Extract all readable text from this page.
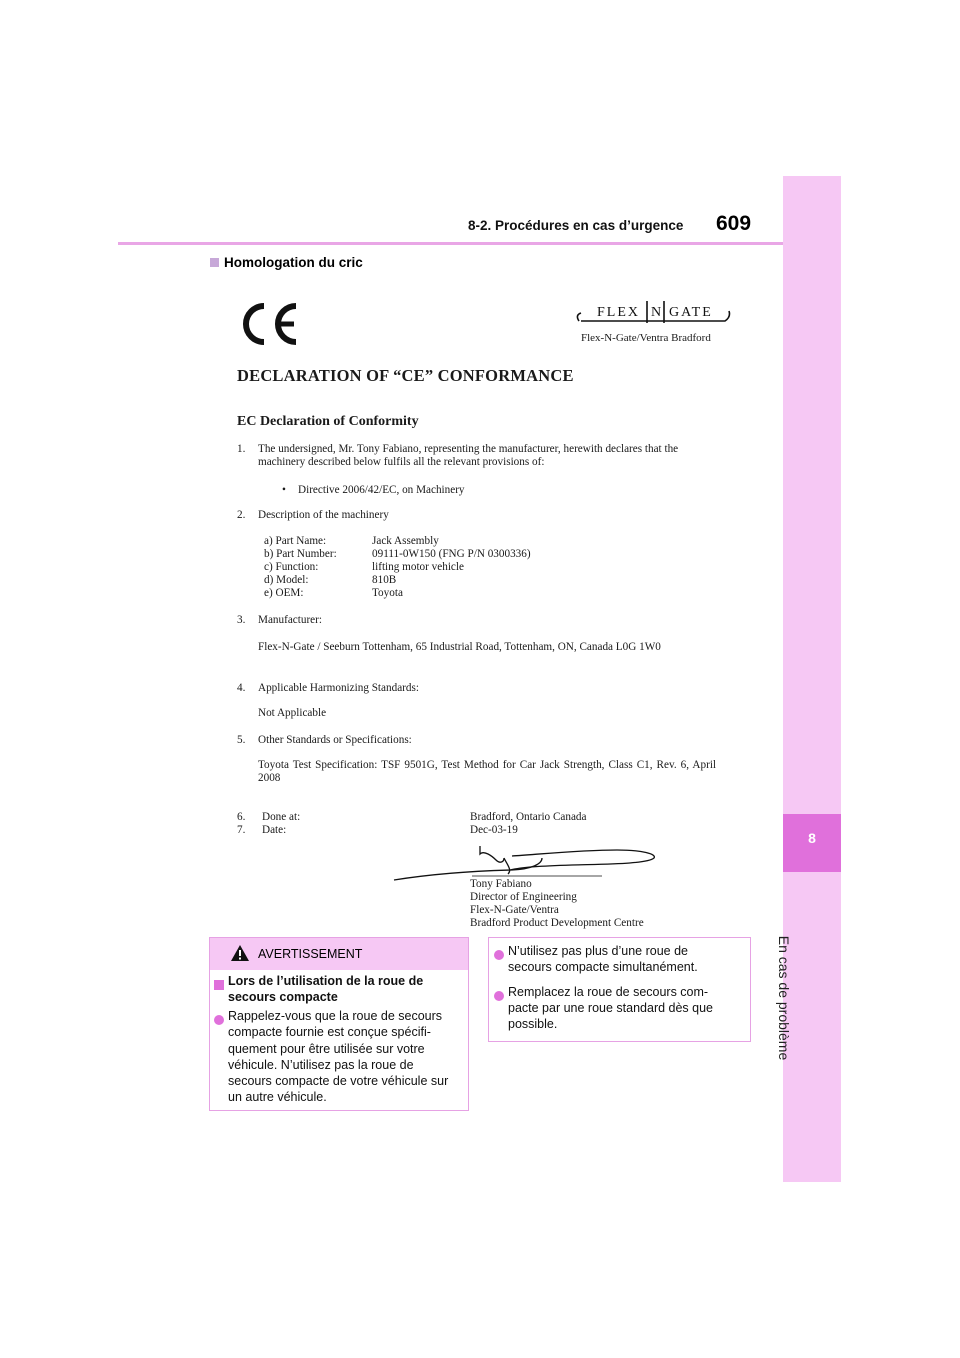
8-2. Procédures en cas d’urgence 609
8
En cas de problème
Homologation du cric
FLEX N GATE
Flex-N-Gate/Ventra Bradford
DECLARATION OF “CE” CONFORMANCE
EC Declaration of Conformity
1. The undersigned, Mr. Tony Fabiano, representing the manufacturer, herewith declares that the
machinery described below fulfils all the relevant provisions of:
• Directive 2006/42/EC, on Machinery
2. Description of the machinery
a) Part Name:	Jack Assembly
b) Part Number:	09111-0W150 (FNG P/N 0300336)
c) Function:	lifting motor vehicle
d) Model:	810B
e) OEM:	Toyota
3. Manufacturer:
Flex-N-Gate / Seeburn Tottenham, 65 Industrial Road, Tottenham, ON, Canada L0G 1W0
4. Applicable Harmonizing Standards:
Not Applicable
5. Other Standards or Specifications:
Toyota Test Specification: TSF 9501G, Test Method for Car Jack Strength, Class C1, Rev. 6, April
2008
6. Done at:	Bradford, Ontario Canada
7. Date:	Dec-03-19
Tony Fabiano
Director of Engineering
Flex-N-Gate/Ventra
Bradford Product Development Centre
AVERTISSEMENT
Lors de l’utilisation de la roue de
secours compacte
Rappelez-vous que la roue de secours
compacte fournie est conçue spécifi-
quement pour être utilisée sur votre
véhicule. N’utilisez pas la roue de
secours compacte de votre véhicule sur
un autre véhicule.
N’utilisez pas plus d’une roue de
secours compacte simultanément.
Remplacez la roue de secours com-
pacte par une roue standard dès que
possible.
